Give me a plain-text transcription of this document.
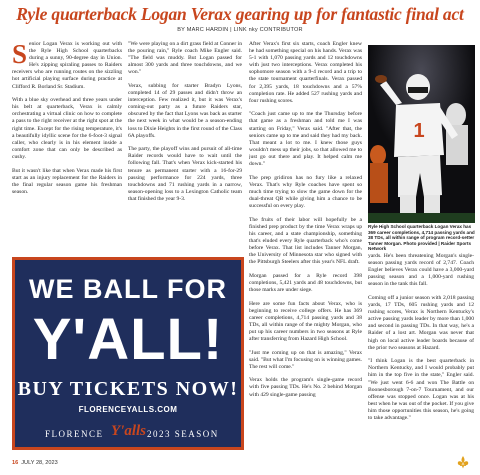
Ryle quarterback Logan Verax gearing up for fantastic final act
BY MARC HARDIN | LINK nky CONTRIBUTOR

Senior Logan Verax is working out with the Ryle High School quarterbacks during a sunny, 90-degree day in Union. He's zipping spiraling passes to Raiders receivers who are running routes on the sizzling hot artificial playing surface during practice at Clifford R. Borland Sr. Stadium.

With a blue sky overhead and three years under his belt at quarterback, Verax is calmly orchestrating a virtual clinic on how to complete a pass to the right receiver at the right spot at the right time. Except for the rising temperature, it's a beautifully idyllic scene for the 6-foot-3 signal caller, who clearly is in his element inside a comfort zone that can only be described as cushy.

But it wasn't like that when Verax made his first start as an injury replacement for the Raiders in the final regular season game his freshman season.

"We were playing on a dirt grass field at Conner in the pouring rain," Ryle coach Mike Engler said. "The field was muddy. But Logan passed for almost 300 yards and three touchdowns, and we won."

Verax, subbing for starter Bradyn Lyons, completed 14 of 29 passes and didn't throw an interception. Few realized it, but it was Verax's coming-out party as a future Raiders star, obscured by the fact that Lyons was back as starter the next week in what would be a season-ending loss to Dixie Heights in the first round of the Class 6A playoffs.

The party, the playoff wins and pursuit of all-time Raider records would have to wait until the following fall. That's when Verax kick-started his tenure as permanent starter with a 16-for-29 passing performance for 224 yards, three touchdowns and 71 rushing yards in a narrow, season-opening loss to a Lexington Catholic team that finished the year 9-3.

After Verax's first six starts, coach Engler knew he had something special on his hands. Verax was 5-1 with 1,070 passing yards and 12 touchdowns with just two interceptions. Verax completed his sophomore season with a 9-4 record and a trip to the state tournament quarterfinals. Verax passed for 2,395 yards, 18 touchdowns and a 57% completion rate. He added 527 rushing yards and four rushing scores.

"Coach just came up to me the Thursday before that game as a freshman and told me I was starting on Friday," Verax said. "After that, the seniors came up to me and said they had my back. That meant a lot to me. I knew those guys wouldn't mess up their jobs, so that allowed me to just go out there and play. It helped calm me down."

The prep gridiron has no fury like a relaxed Verax. That's why Ryle coaches have spent so much time trying to slow the game down for the dual-threat QB while giving him a chance to be successful on every play.

The fruits of their labor will hopefully be a finished prep product by the time Verax wraps up his career, and a state championship, something that's eluded every Ryle quarterback who's come before Verax. That list includes Tanner Morgan, the University of Minnesota star who signed with the Pittsburgh Steelers after this year's NFL draft.

Morgan passed for a Ryle record 398 completions, 5,421 yards and 48 touchdowns, but those marks are under siege.

Here are some fun facts about Verax, who is beginning to receive college offers. He has 369 career completions, 4,714 passing yards and 38 TDs, all within range of the mighty Morgan, who put up his career numbers in two seasons at Ryle after transferring from Hazard High School.

"Just me coming up on that is amazing," Verax said. "But what I'm focusing on is winning games. The rest will come."

Verax holds the program's single-game record with five passing TDs. He's No. 2 behind Morgan with 429 single-game passing

1
Ryle High School quarterback Logan Verax has 369 career completions, 4,714 passing yards and 38 TDs, all within range of program record-setter Tanner Morgan. Photo provided | Raider Sports Network

yards. He's been threatening Morgan's single-season passing yards record of 2,747. Coach Engler believes Verax could have a 3,000-yard passing season and a 1,000-yard rushing season in the tank this fall.

Coming off a junior season with 2,018 passing yards, 17 TDs, 605 rushing yards and 12 rushing scores, Verax is Northern Kentucky's active passing yards leader by more than 1,000 and second in passing TDs. In that way, he's a Raider of a lost art. Morgan was never that high on local active leader boards because of the prior two seasons at Hazard.

"I think Logan is the best quarterback in Northern Kentucky, and I would probably put him in the top five in the state," Engler said. "We just went 6-6 and won The Battle on Boonesborough 7-on-7 Tournament, and our offense was stopped once. Logan was at his best when he was out of the pocket. If you give him those opportunities this season, he's going to take advantage."

WE BALL FOR
Y'ALL!
BUY TICKETS NOW!
FLORENCEYALLS.COM
FLORENCE Y'alls 2023 SEASON
16 JULY 28, 2023
